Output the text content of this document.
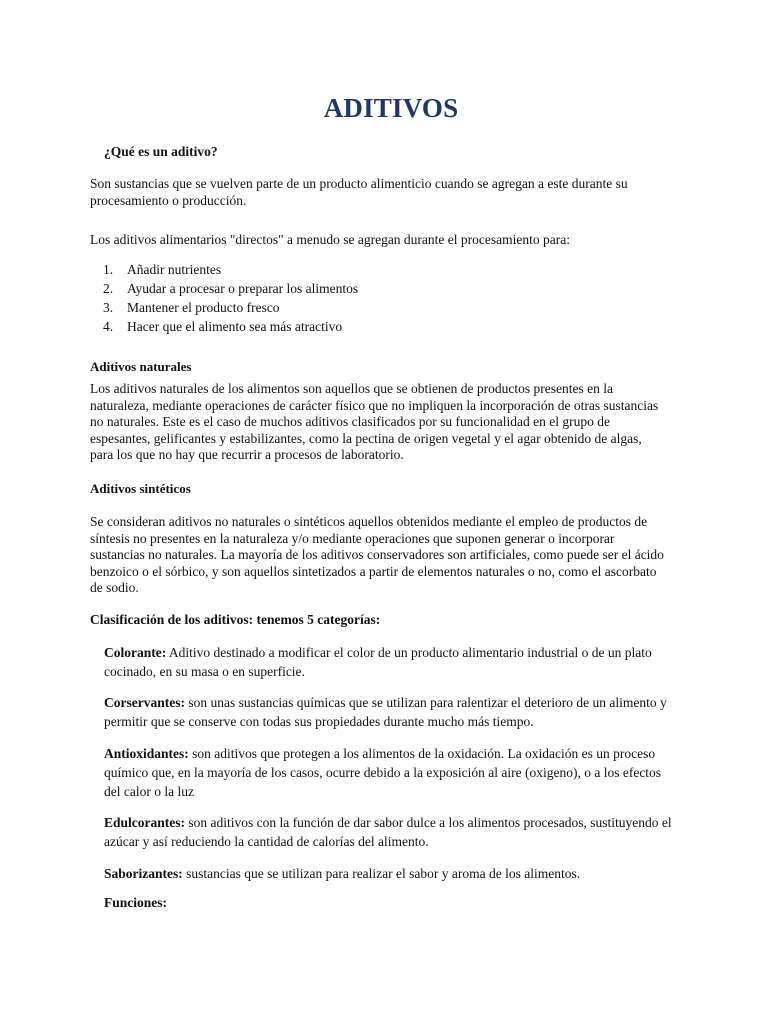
ADITIVOS

¿Qué es un aditivo?

Son sustancias que se vuelven parte de un producto alimenticio cuando se agregan a este durante su procesamiento o producción.

Los aditivos alimentarios "directos" a menudo se agregan durante el procesamiento para:

1. Añadir nutrientes
2. Ayudar a procesar o preparar los alimentos
3. Mantener el producto fresco
4. Hacer que el alimento sea más atractivo

Aditivos naturales

Los aditivos naturales de los alimentos son aquellos que se obtienen de productos presentes en la naturaleza, mediante operaciones de carácter físico que no impliquen la incorporación de otras sustancias no naturales. Este es el caso de muchos aditivos clasificados por su funcionalidad en el grupo de espesantes, gelificantes y estabilizantes, como la pectina de origen vegetal y el agar obtenido de algas, para los que no hay que recurrir a procesos de laboratorio.

Aditivos sintéticos

Se consideran aditivos no naturales o sintéticos aquellos obtenidos mediante el empleo de productos de síntesis no presentes en la naturaleza y/o mediante operaciones que suponen generar o incorporar sustancias no naturales. La mayoría de los aditivos conservadores son artificiales, como puede ser el ácido benzoico o el sórbico, y son aquellos sintetizados a partir de elementos naturales o no, como el ascorbato de sodio.

Clasificación de los aditivos: tenemos 5 categorías:

Colorante: Aditivo destinado a modificar el color de un producto alimentario industrial o de un plato cocinado, en su masa o en superficie.

Corservantes: son unas sustancias químicas que se utilizan para ralentizar el deterioro de un alimento y permitir que se conserve con todas sus propiedades durante mucho más tiempo.

Antioxidantes: son aditivos que protegen a los alimentos de la oxidación. La oxidación es un proceso químico que, en la mayoría de los casos, ocurre debido a la exposición al aire (oxigeno), o a los efectos del calor o la luz

Edulcorantes: son aditivos con la función de dar sabor dulce a los alimentos procesados, sustituyendo el azúcar y así reduciendo la cantidad de calorías del alimento.

Saborizantes: sustancias que se utilizan para realizar el sabor y aroma de los alimentos.

Funciones:
